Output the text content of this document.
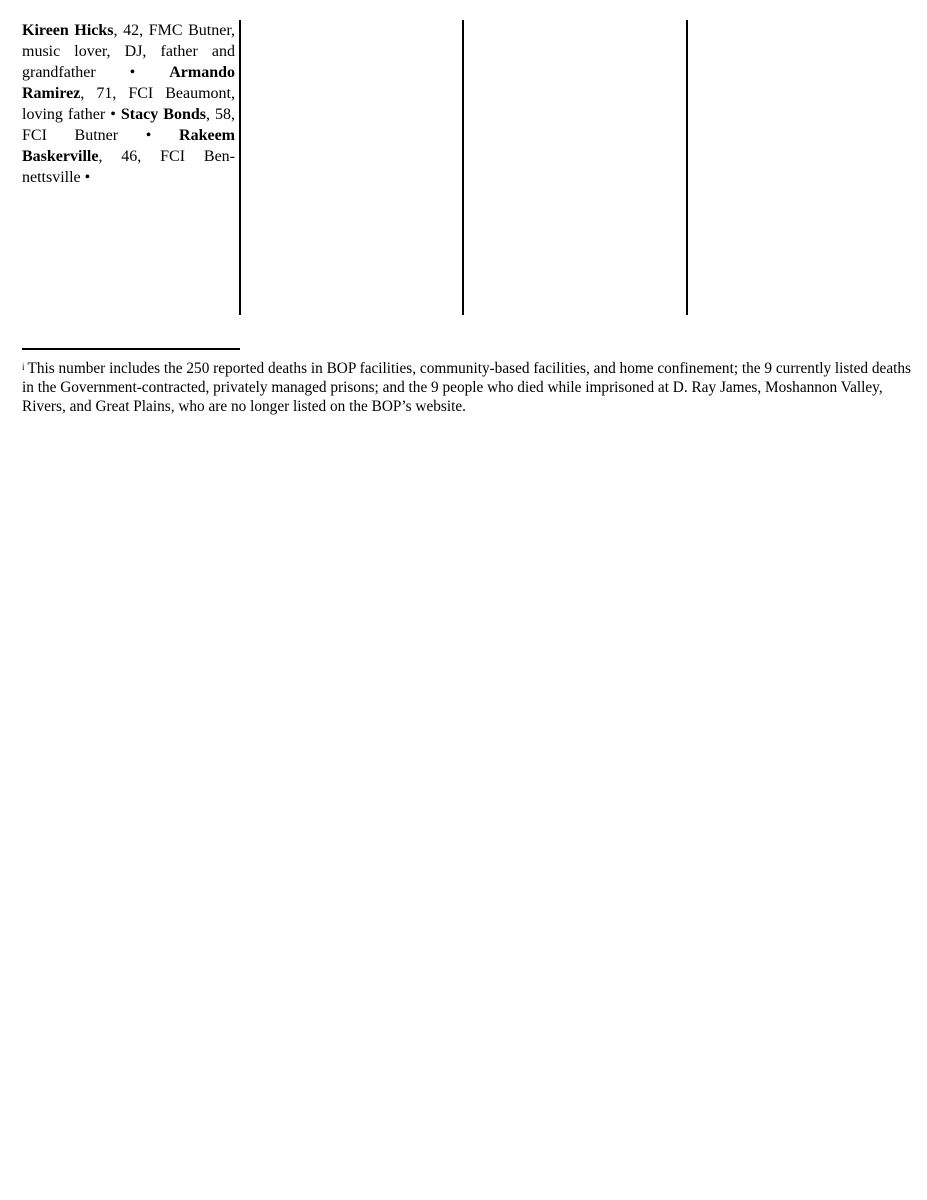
Kireen Hicks, 42, FMC Butner, music lover, DJ, father and grandfather • Armando Ramirez, 71, FCI Beaumont, loving father • Stacy Bonds, 58, FCI Butner • Rakeem Baskerville, 46, FCI Bennettsville •
$^i$ This number includes the 250 reported deaths in BOP facilities, community-based facilities, and home confinement; the 9 currently listed deaths in the Government-contracted, privately managed prisons; and the 9 people who died while imprisoned at D. Ray James, Moshannon Valley, Rivers, and Great Plains, who are no longer listed on the BOP’s website.
